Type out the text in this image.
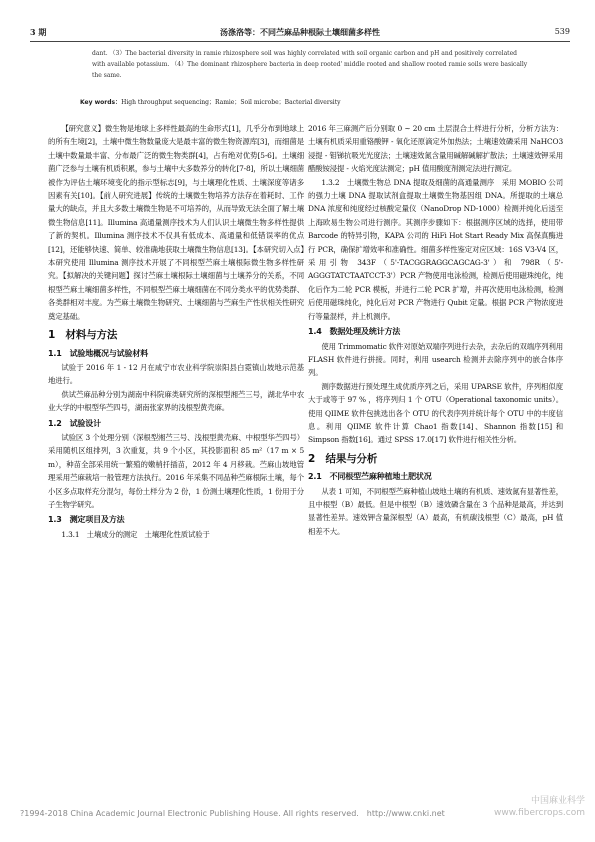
3 期	汤涤洛等：不同苎麻品种根际土壤细菌多样性	539

dant. （3）The bacterial diversity in ramie rhizosphere soil was highly correlated with soil organic carbon and pH and positively correlated

with available potassium. （4）The dominant rhizosphere bacteria in deep rooted' middle rooted and shallow rooted ramie soils were basically

the same.

Key words：High throughput sequencing；Ramie；Soil microbe；Bacterial diversity

【研究意义】微生物是地球上多样性最高的生命形式[1]，几乎分布到地球上的所有生境[2]，土壤中微生物数量庞大是最丰富的微生物资源库[3]，而细菌是土壤中数量最丰富、分布最广泛的微生物类群[4]，占有绝对优势[5-6]。土壤细菌广泛参与土壤有机质积累，参与土壤中大多数养分的转化[7-8]，所以土壤细菌被作为评估土壤环境变化的指示型标志[9]，与土壤理化性质、土壤深度等诸多因素有关[10]。【前人研究进展】传统的土壤微生物培养方法存在着耗时、工作量大的缺点，并且大多数土壤微生物是不可培养的，从而导致无法全面了解土壤微生物信息[11]。Illumina 高通量测序技术为人们认识土壤微生物多样性提供了新的契机。Illumina 测序技术不仅具有低成本、高通量和低错误率的优点[12]，还能够快速、简单、较准确地获取土壤微生物信息[13]。【本研究切入点】本研究使用 Illumina 测序技术开展了不同根型苎麻土壤根际微生物多样性研究。【拟解决的关键问题】探讨苎麻土壤根际土壤细菌与土壤养分的关系，不同根型苎麻土壤细菌多样性，不同根型苎麻土壤细菌在不同分类水平的优势类群、各类群相对丰度。为苎麻土壤微生物研究、土壤细菌与苎麻生产性状相关性研究奠定基础。

1　材料与方法
1.1　试验地概况与试验材料

试验于 2016 年 1 - 12 月在咸宁市农业科学院崇阳县白霓镇山坡地示范基地进行。

供试苎麻品种分别为湖南中科院麻类研究所的深根型湘苎三号，湖北华中农业大学的中根型华苎四号，湖南张家界的浅根型黄壳麻。

1.2　试验设计

试验区 3 个处理分别（深根型湘苎三号、浅根型黄壳麻、中根型华苎四号）采用随机区组排列，3 次重复，共 9 个小区，其投影面积 85 m²（17 m × 5 m），种苗全部采用统一繁殖的嫩梢扦插苗，2012 年 4 月移栽。苎麻山坡地管理采用苎麻栽培一般管理方法执行。2016 年采集不同品种苎麻根际土壤，每个小区多点取样充分混匀，每份土样分为 2 份，1 份测土壤理化性质，1 份用于分子生物学研究。

1.3　测定项目及方法

1.3.1　土壤成分的测定　土壤理化性质试验于

2016 年三麻测产后分别取 0 ~ 20 cm 土层混合土样进行分析，分析方法为：土壤有机质采用重铬酸钾 - 氧化还原滴定外加热法；土壤速效磷采用 NaHCO3 浸提 - 钼锑抗吸光光度法；土壤速效氮含量用碱解碱解扩散法；土壤速效钾采用醋酸铵浸提 - 火焰光度法测定；pH 值用酸度剂测定法进行测定。

1.3.2　土壤微生物总 DNA 提取及细菌的高通量测序　采用 MOBIO 公司的强力土壤 DNA 提取试剂盒提取土壤微生物基因组 DNA。所提取的土壤总 DNA 浓度和纯度经过核酸定量仪（NanoDrop ND-1000）检测并纯化后送至上海欧易生物公司进行测序。其测序步骤如下：根据测序区域的选择，使用带 Barcode 的特异引物，KAPA 公司的 HiFi Hot Start Ready Mix 高保真酶进行 PCR，确保扩增效率和准确性。细菌多样性鉴定对应区域：16S V3-V4 区，采用引物 343F（5'-TACGGRAGGCAGCAG-3'）和 798R（5'-AGGGTATCTAATCCT-3'）PCR 产物使用电泳检测，检测后使用磁珠纯化，纯化后作为二轮 PCR 模板，并进行二轮 PCR 扩增，并再次使用电泳检测，检测后使用磁珠纯化，纯化后对 PCR 产物进行 Qubit 定量。根据 PCR 产物浓度进行等量混样，并上机测序。

1.4　数据处理及统计方法

使用 Trimmomatic 软件对原始双端序列进行去杂，去杂后的双端序列利用 FLASH 软件进行拼接。同时，利用 usearch 检测并去除序列中的嵌合体序列。

测序数据进行预处理生成优质序列之后，采用 UPARSE 软件，序列相似度大于或等于 97 % ，将序列归 1 个 OTU（Operational taxonomic units）。使用 QIIME 软件包挑选出各个 OTU 的代表序列并统计每个 OTU 中的丰度信息。利用 QIIME 软件计算 Chao1 指数[14]、Shannon 指数[15] 和 Simpson 指数[16]。通过 SPSS 17.0[17] 软件进行相关性分析。

2　结果与分析
2.1　不同根型苎麻种植地土肥状况

从表 1 可知，不同根型苎麻种植山坡地土壤的有机质、速效氮有显著性差，且中根型（B）最低。但是中根型（B）速效磷含量在 3 个品种是最高，并达到显著性差异。速效钾含量深根型（A）最高，有机碳浅根型（C）最高，pH 值相差不大。

中国麻业科学
www.fibercrops.com
?1994-2018 China Academic Journal Electronic Publishing House. All rights reserved.　http://www.cnki.net
